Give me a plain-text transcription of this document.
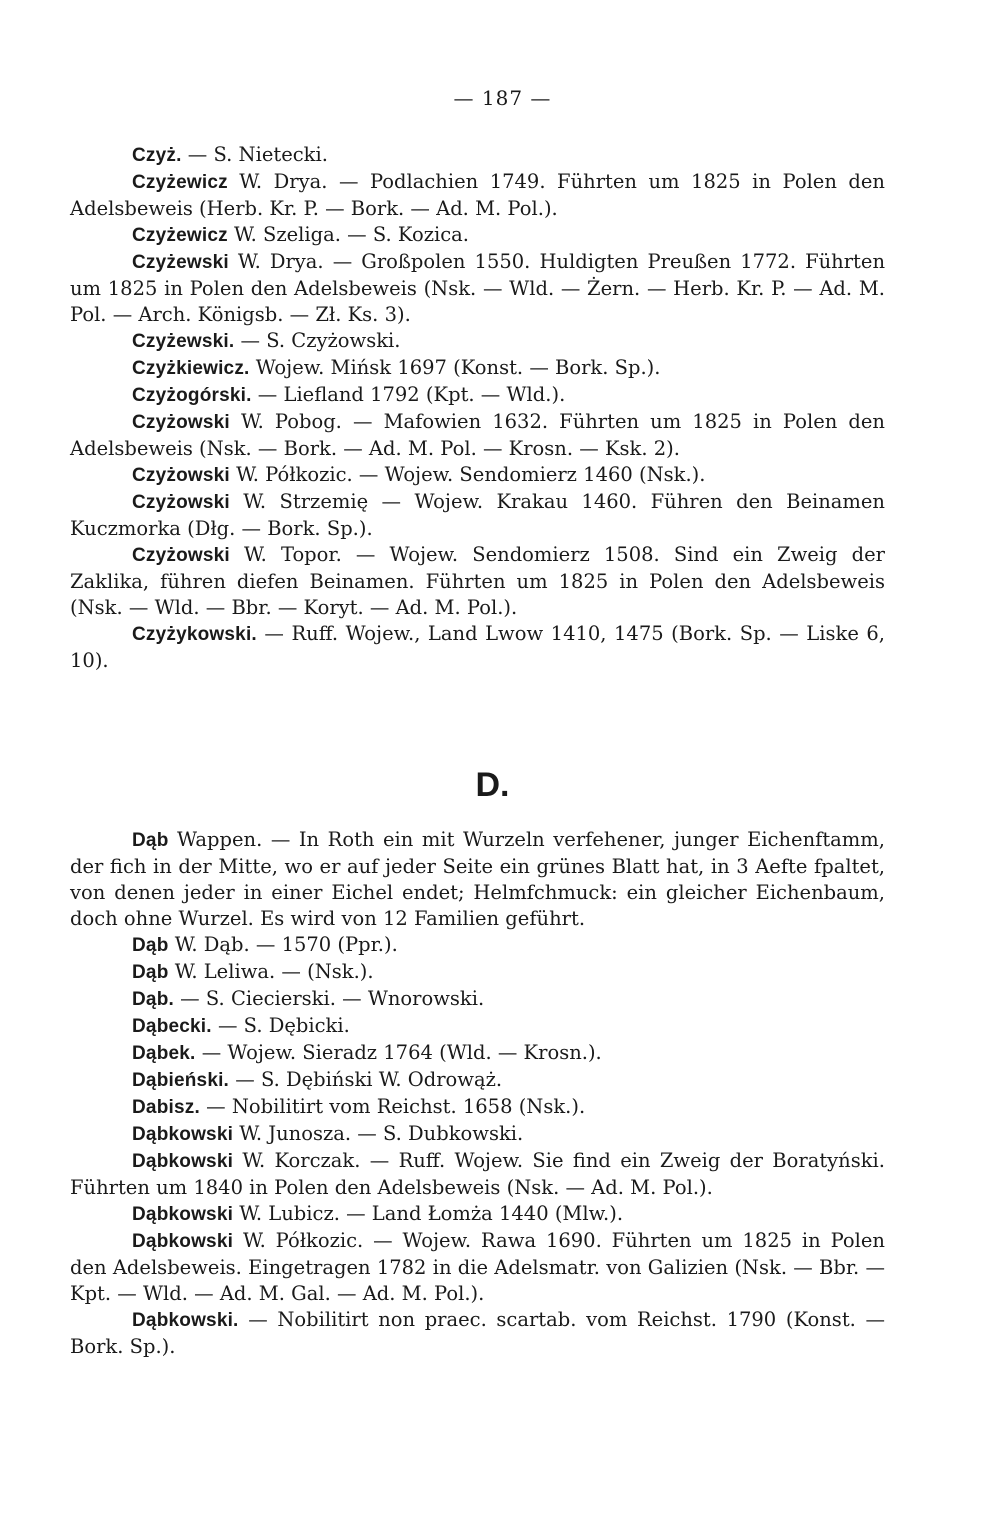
— 187 —

Czyż. — S. Nietecki.

Czyżewicz W. Drya. — Podlachien 1749. Führten um 1825 in Polen den Adelsbeweis (Herb. Kr. P. — Bork. — Ad. M. Pol.).

Czyżewicz W. Szeliga. — S. Kozica.

Czyżewski W. Drya. — Großpolen 1550. Huldigten Preußen 1772. Führten um 1825 in Polen den Adelsbeweis (Nsk. — Wld. — Żern. — Herb. Kr. P. — Ad. M. Pol. — Arch. Königsb. — Zł. Ks. 3).

Czyżewski. — S. Czyżowski.

Czyżkiewicz. Wojew. Mińsk 1697 (Konst. — Bork. Sp.).

Czyżogórski. — Liefland 1792 (Kpt. — Wld.).

Czyżowski W. Pobog. — Mafowien 1632. Führten um 1825 in Polen den Adelsbeweis (Nsk. — Bork. — Ad. M. Pol. — Krosn. — Ksk. 2).

Czyżowski W. Półkozic. — Wojew. Sendomierz 1460 (Nsk.).

Czyżowski W. Strzemię — Wojew. Krakau 1460. Führen den Beinamen Kuczmorka (Dłg. — Bork. Sp.).

Czyżowski W. Topor. — Wojew. Sendomierz 1508. Sind ein Zweig der Zaklika, führen diefen Beinamen. Führten um 1825 in Polen den Adelsbeweis (Nsk. — Wld. — Bbr. — Koryt. — Ad. M. Pol.).

Czyżykowski. — Ruff. Wojew., Land Lwow 1410, 1475 (Bork. Sp. — Liske 6, 10).

D.

Dąb Wappen. — In Roth ein mit Wurzeln verfehener, junger Eichenftamm, der fich in der Mitte, wo er auf jeder Seite ein grünes Blatt hat, in 3 Aefte fpaltet, von denen jeder in einer Eichel endet; Helmfchmuck: ein gleicher Eichenbaum, doch ohne Wurzel. Es wird von 12 Familien geführt.

Dąb W. Dąb. — 1570 (Ppr.).

Dąb W. Leliwa. — (Nsk.).

Dąb. — S. Ciecierski. — Wnorowski.

Dąbecki. — S. Dębicki.

Dąbek. — Wojew. Sieradz 1764 (Wld. — Krosn.).

Dąbieński. — S. Dębiński W. Odrowąż.

Dabisz. — Nobilitirt vom Reichst. 1658 (Nsk.).

Dąbkowski W. Junosza. — S. Dubkowski.

Dąbkowski W. Korczak. — Ruff. Wojew. Sie find ein Zweig der Boratyński. Führten um 1840 in Polen den Adelsbeweis (Nsk. — Ad. M. Pol.).

Dąbkowski W. Lubicz. — Land Łomża 1440 (Mlw.).

Dąbkowski W. Półkozic. — Wojew. Rawa 1690. Führten um 1825 in Polen den Adelsbeweis. Eingetragen 1782 in die Adelsmatr. von Galizien (Nsk. — Bbr. — Kpt. — Wld. — Ad. M. Gal. — Ad. M. Pol.).

Dąbkowski. — Nobilitirt non praec. scartab. vom Reichst. 1790 (Konst. — Bork. Sp.).
